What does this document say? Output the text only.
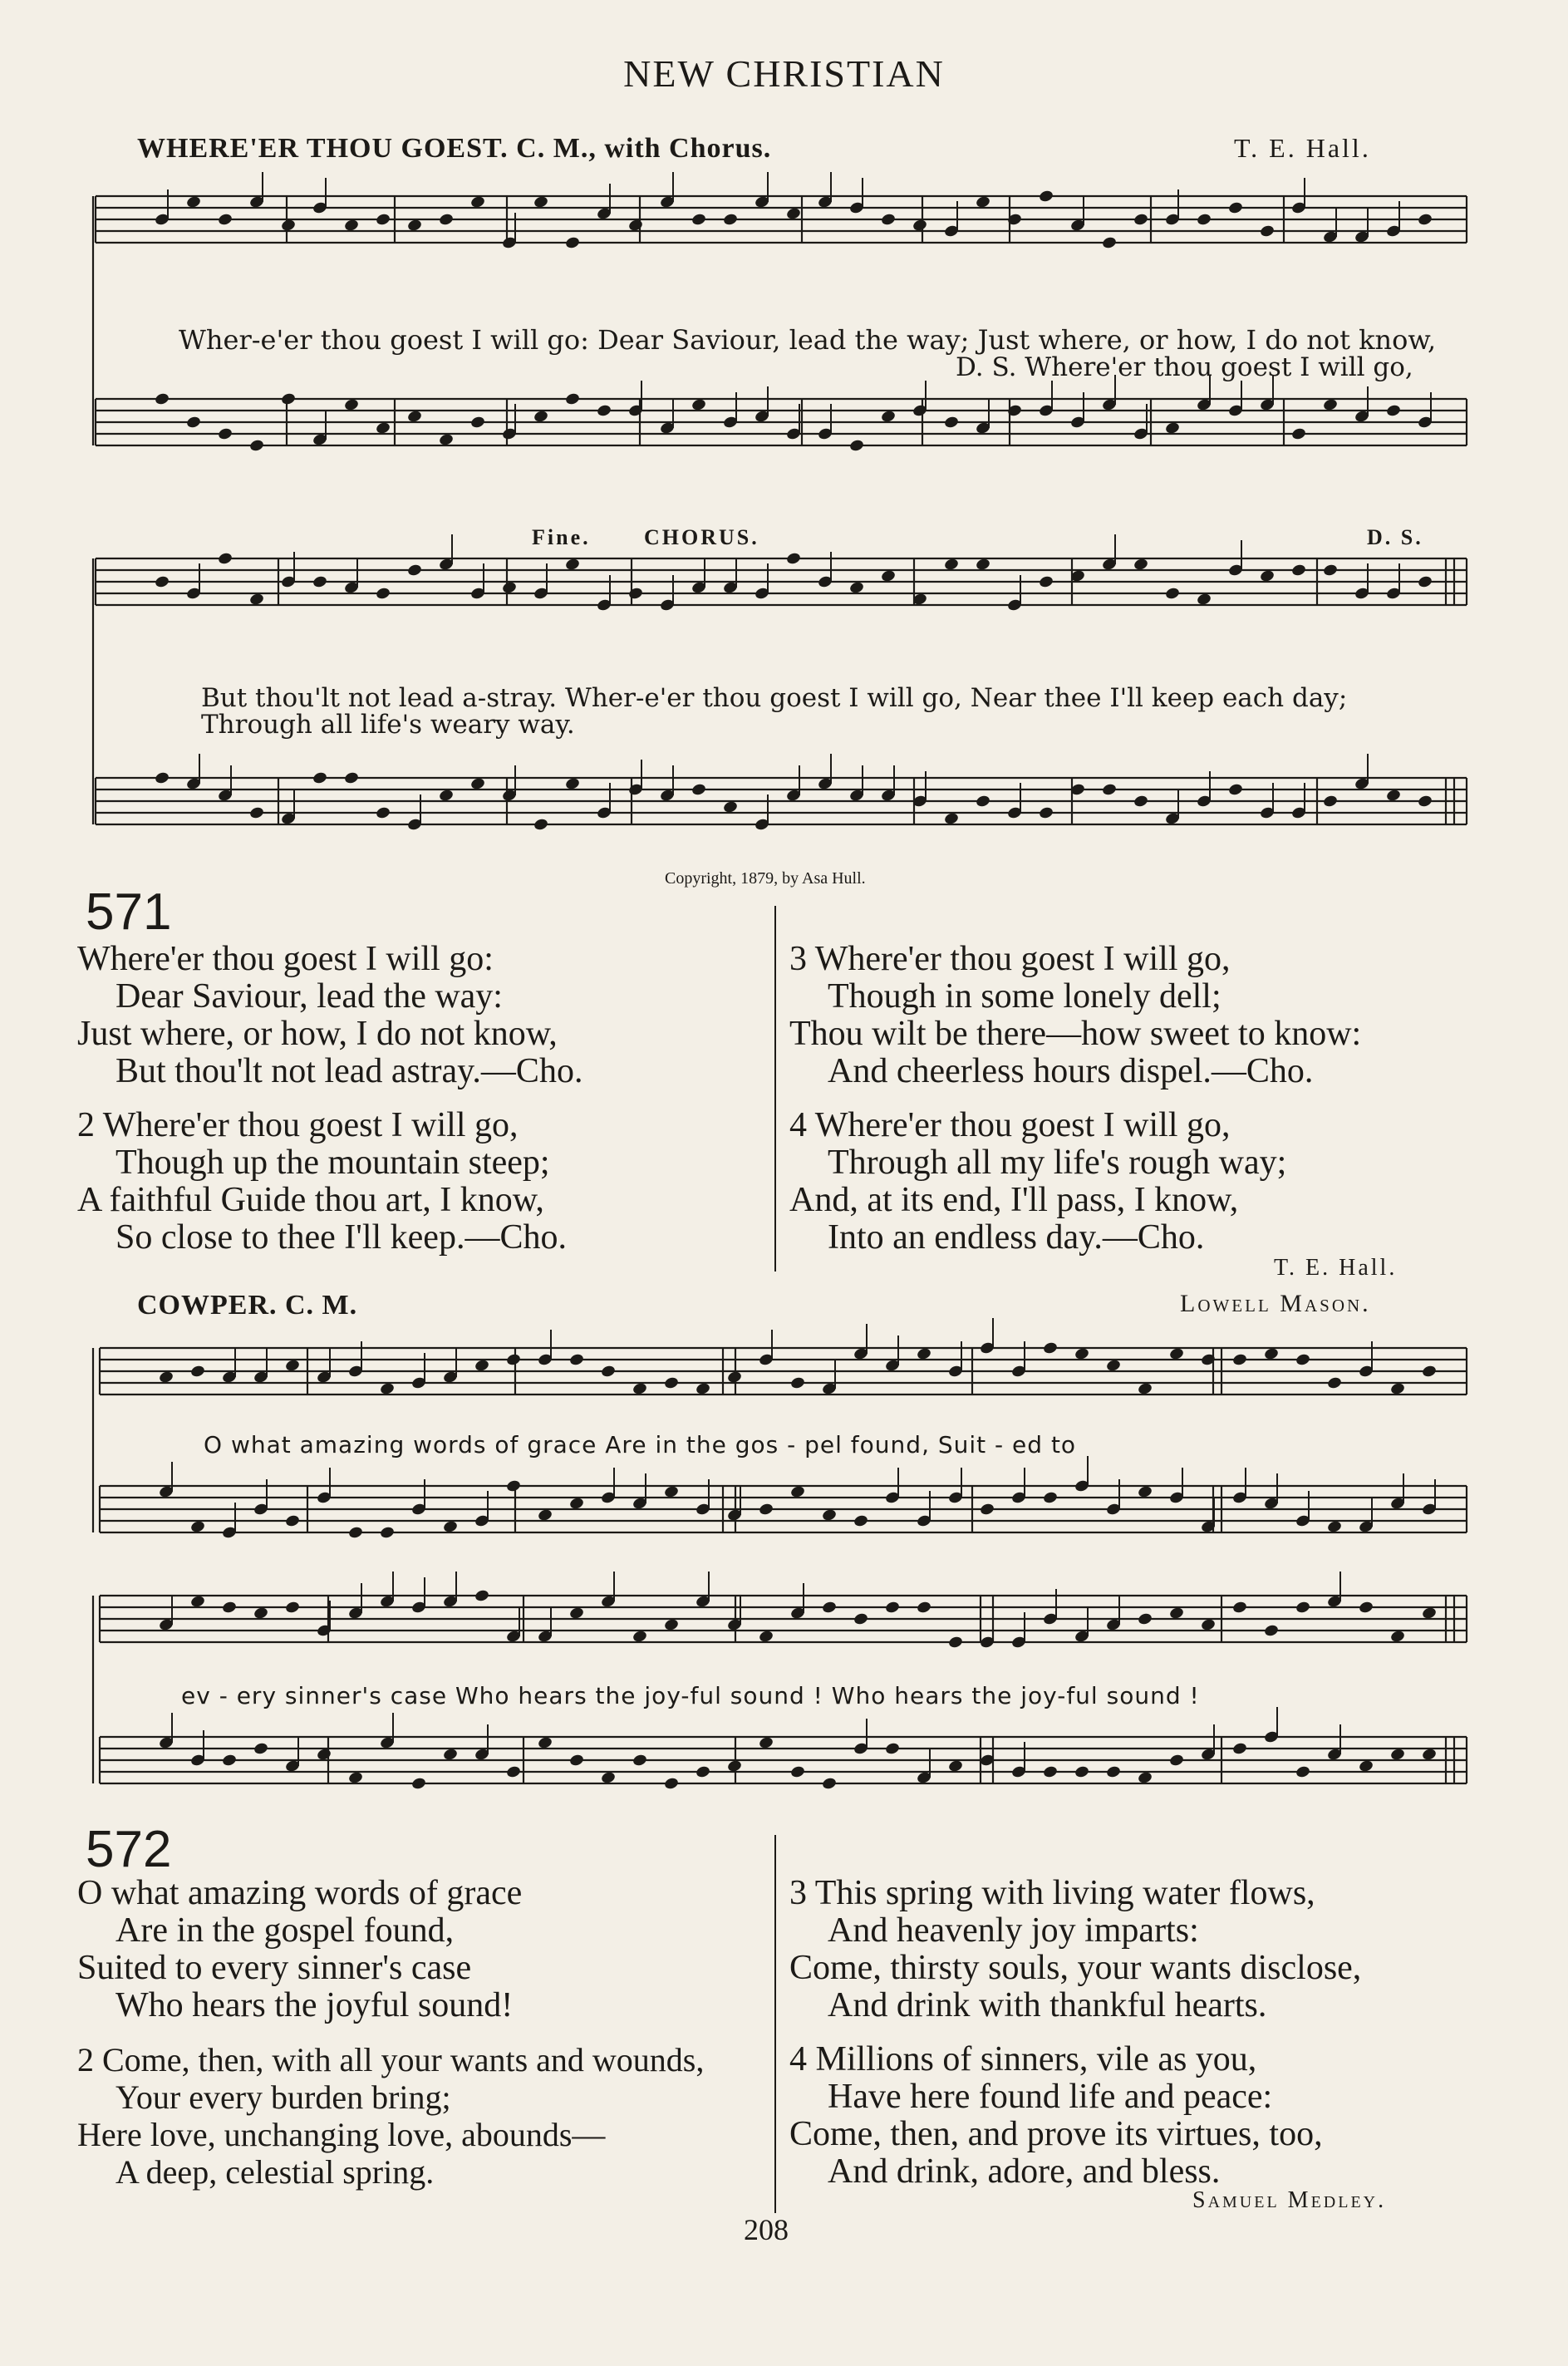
NEW CHRISTIAN
WHERE'ER THOU GOEST. C. M., with Chorus.	T. E. Hall.
Wher-e'er thou goest I will go: Dear Saviour, lead the way; Just where, or how, I do not know,
D. S. Where'er thou goest I will go,
Fine. CHORUS.	D. S.
But thou'lt not lead a-stray. Wher-e'er thou goest I will go, Near thee I'll keep each day;
Through all life's weary way.
Copyright, 1879, by Asa Hull.
571
Where'er thou goest I will go:
Dear Saviour, lead the way:
Just where, or how, I do not know,
But thou'lt not lead astray.—Cho.
2 Where'er thou goest I will go,
Though up the mountain steep;
A faithful Guide thou art, I know,
So close to thee I'll keep.—Cho.
3 Where'er thou goest I will go,
Though in some lonely dell;
Thou wilt be there—how sweet to know:
And cheerless hours dispel.—Cho.
4 Where'er thou goest I will go,
Through all my life's rough way;
And, at its end, I'll pass, I know,
Into an endless day.—Cho.
T. E. Hall.
COWPER. C. M.	Lowell Mason.
O what amazing words of grace Are in the gos - pel found, Suit - ed to
ev - ery sinner's case Who hears the joy-ful sound ! Who hears the joy-ful sound !
572
O what amazing words of grace
Are in the gospel found,
Suited to every sinner's case
Who hears the joyful sound!
2 Come, then, with all your wants and wounds,
Your every burden bring;
Here love, unchanging love, abounds—
A deep, celestial spring.
3 This spring with living water flows,
And heavenly joy imparts:
Come, thirsty souls, your wants disclose,
And drink with thankful hearts.
4 Millions of sinners, vile as you,
Have here found life and peace:
Come, then, and prove its virtues, too,
And drink, adore, and bless.
Samuel Medley.
208
